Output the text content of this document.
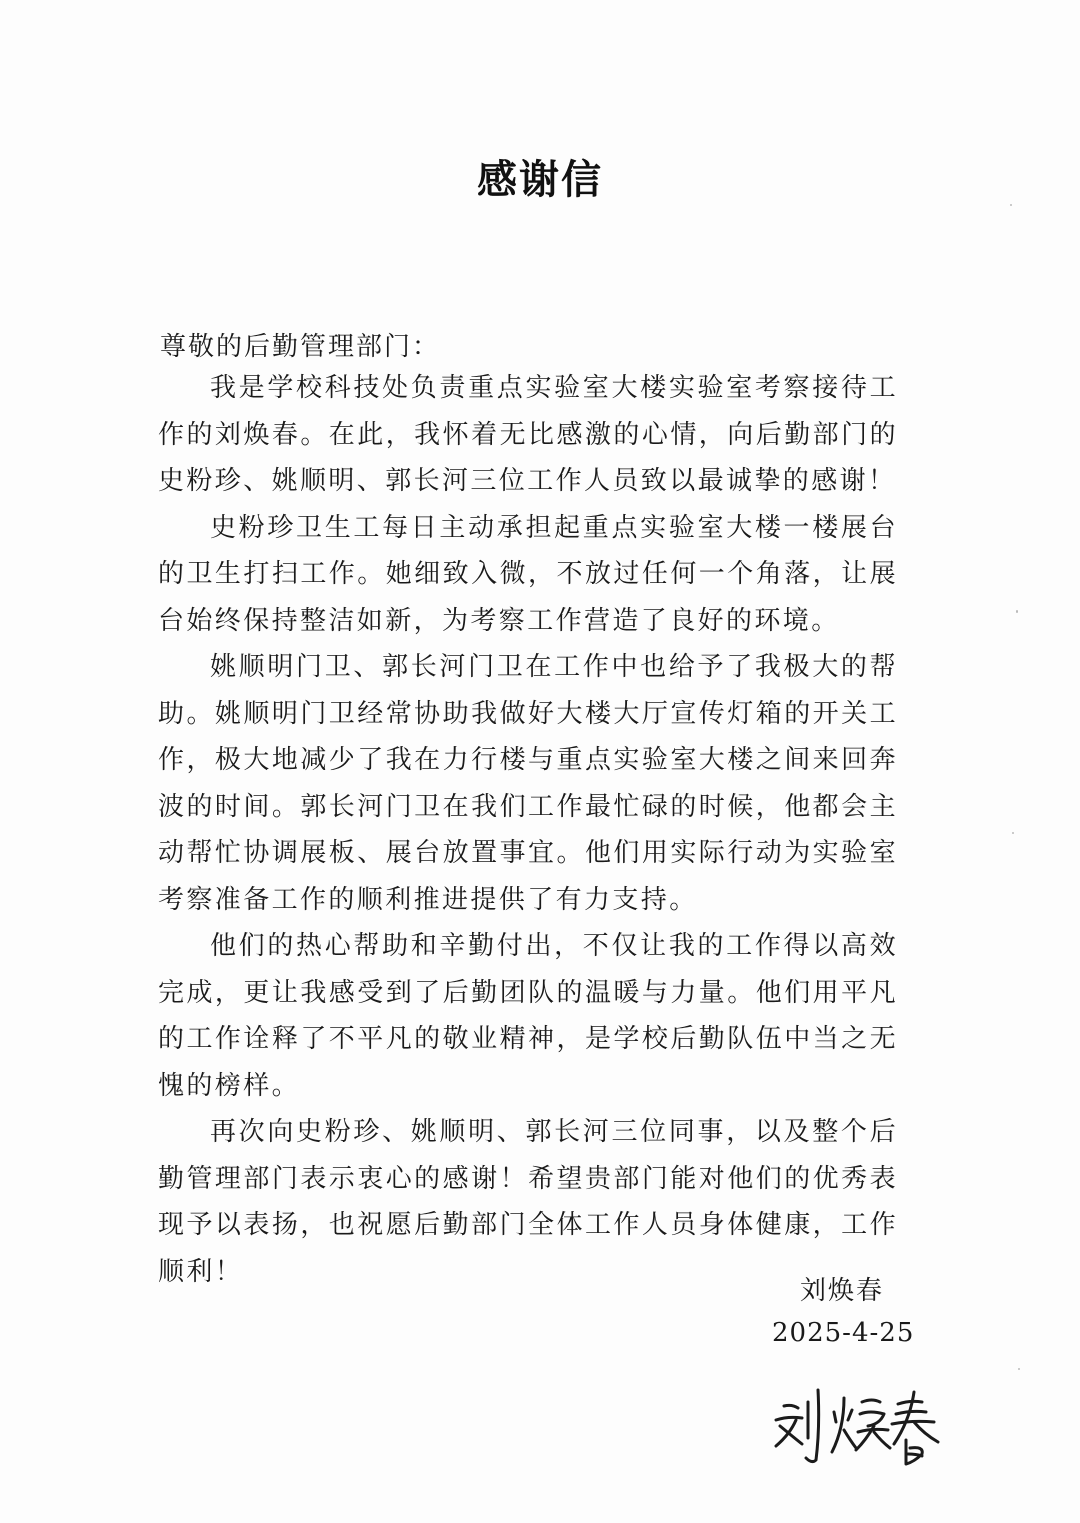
感谢信
尊敬的后勤管理部门：

我是学校科技处负责重点实验室大楼实验室考察接待工作的刘焕春。在此，我怀着无比感激的心情，向后勤部门的史粉珍、姚顺明、郭长河三位工作人员致以最诚挚的感谢！

史粉珍卫生工每日主动承担起重点实验室大楼一楼展台的卫生打扫工作。她细致入微，不放过任何一个角落，让展台始终保持整洁如新，为考察工作营造了良好的环境。

姚顺明门卫、郭长河门卫在工作中也给予了我极大的帮助。姚顺明门卫经常协助我做好大楼大厅宣传灯箱的开关工作，极大地减少了我在力行楼与重点实验室大楼之间来回奔波的时间。郭长河门卫在我们工作最忙碌的时候，他都会主动帮忙协调展板、展台放置事宜。他们用实际行动为实验室考察准备工作的顺利推进提供了有力支持。

他们的热心帮助和辛勤付出，不仅让我的工作得以高效完成，更让我感受到了后勤团队的温暖与力量。他们用平凡的工作诠释了不平凡的敬业精神，是学校后勤队伍中当之无愧的榜样。

再次向史粉珍、姚顺明、郭长河三位同事，以及整个后勤管理部门表示衷心的感谢！希望贵部门能对他们的优秀表现予以表扬，也祝愿后勤部门全体工作人员身体健康，工作顺利！

刘焕春
2025-4-25
